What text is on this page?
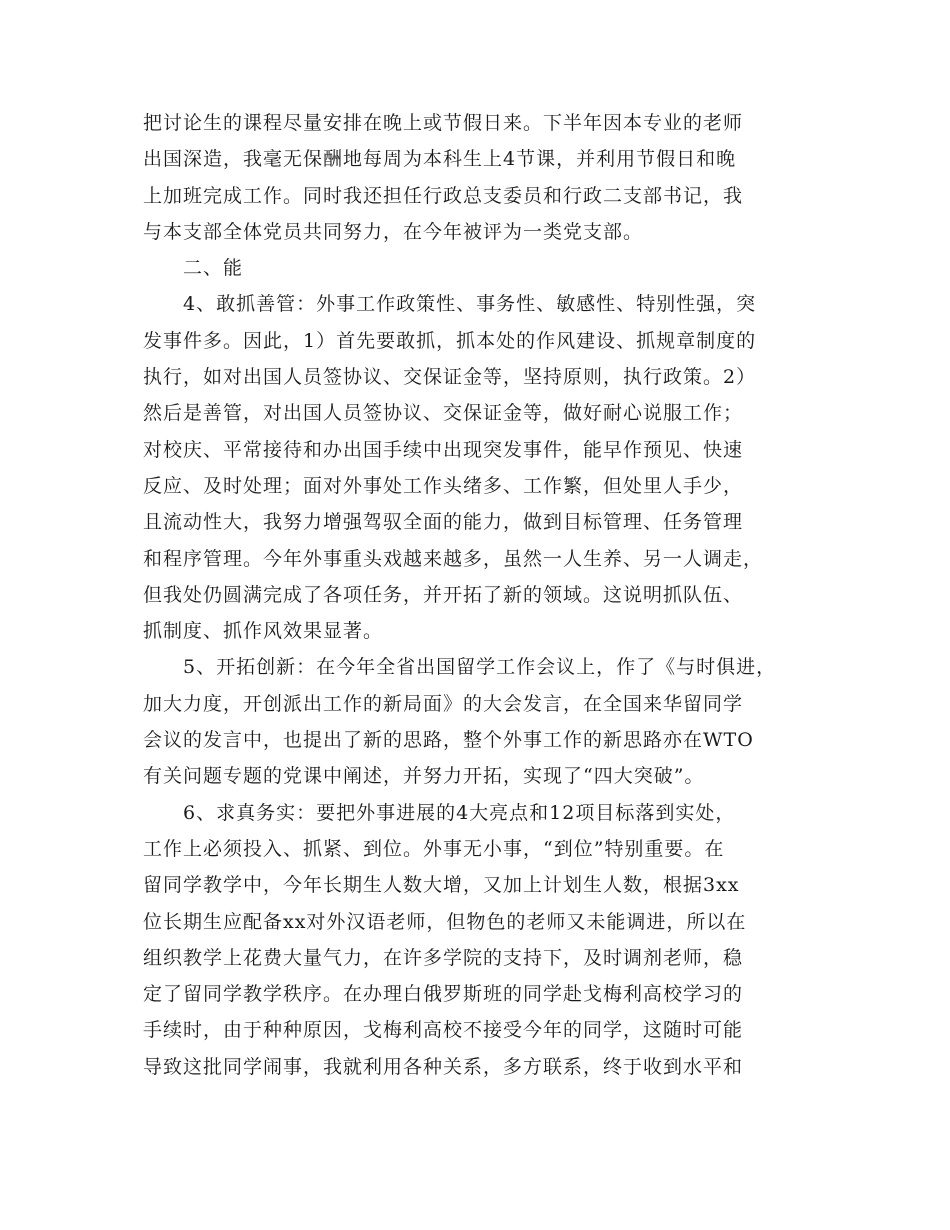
把讨论生的课程尽量安排在晚上或节假日来。下半年因本专业的老师
出国深造，我毫无保酬地每周为本科生上4节课，并利用节假日和晚
上加班完成工作。同时我还担任行政总支委员和行政二支部书记，我
与本支部全体党员共同努力，在今年被评为一类党支部。
二、能
4、敢抓善管：外事工作政策性、事务性、敏感性、特别性强，突
发事件多。因此，1）首先要敢抓，抓本处的作风建设、抓规章制度的
执行，如对出国人员签协议、交保证金等，坚持原则，执行政策。2）
然后是善管，对出国人员签协议、交保证金等，做好耐心说服工作；
对校庆、平常接待和办出国手续中出现突发事件，能早作预见、快速
反应、及时处理；面对外事处工作头绪多、工作繁，但处里人手少，
且流动性大，我努力增强驾驭全面的能力，做到目标管理、任务管理
和程序管理。今年外事重头戏越来越多，虽然一人生养、另一人调走，
但我处仍圆满完成了各项任务，并开拓了新的领域。这说明抓队伍、
抓制度、抓作风效果显著。
5、开拓创新：在今年全省出国留学工作会议上，作了《与时俱进，
加大力度，开创派出工作的新局面》的大会发言，在全国来华留同学
会议的发言中，也提出了新的思路，整个外事工作的新思路亦在WTO
有关问题专题的党课中阐述，并努力开拓，实现了“四大突破”。
6、求真务实：要把外事进展的4大亮点和12项目标落到实处，
工作上必须投入、抓紧、到位。外事无小事，“到位”特别重要。在
留同学教学中，今年长期生人数大增，又加上计划生人数，根据3xx
位长期生应配备xx对外汉语老师，但物色的老师又未能调进，所以在
组织教学上花费大量气力，在许多学院的支持下，及时调剂老师，稳
定了留同学教学秩序。在办理白俄罗斯班的同学赴戈梅利高校学习的
手续时，由于种种原因，戈梅利高校不接受今年的同学，这随时可能
导致这批同学闹事，我就利用各种关系，多方联系，终于收到水平和
